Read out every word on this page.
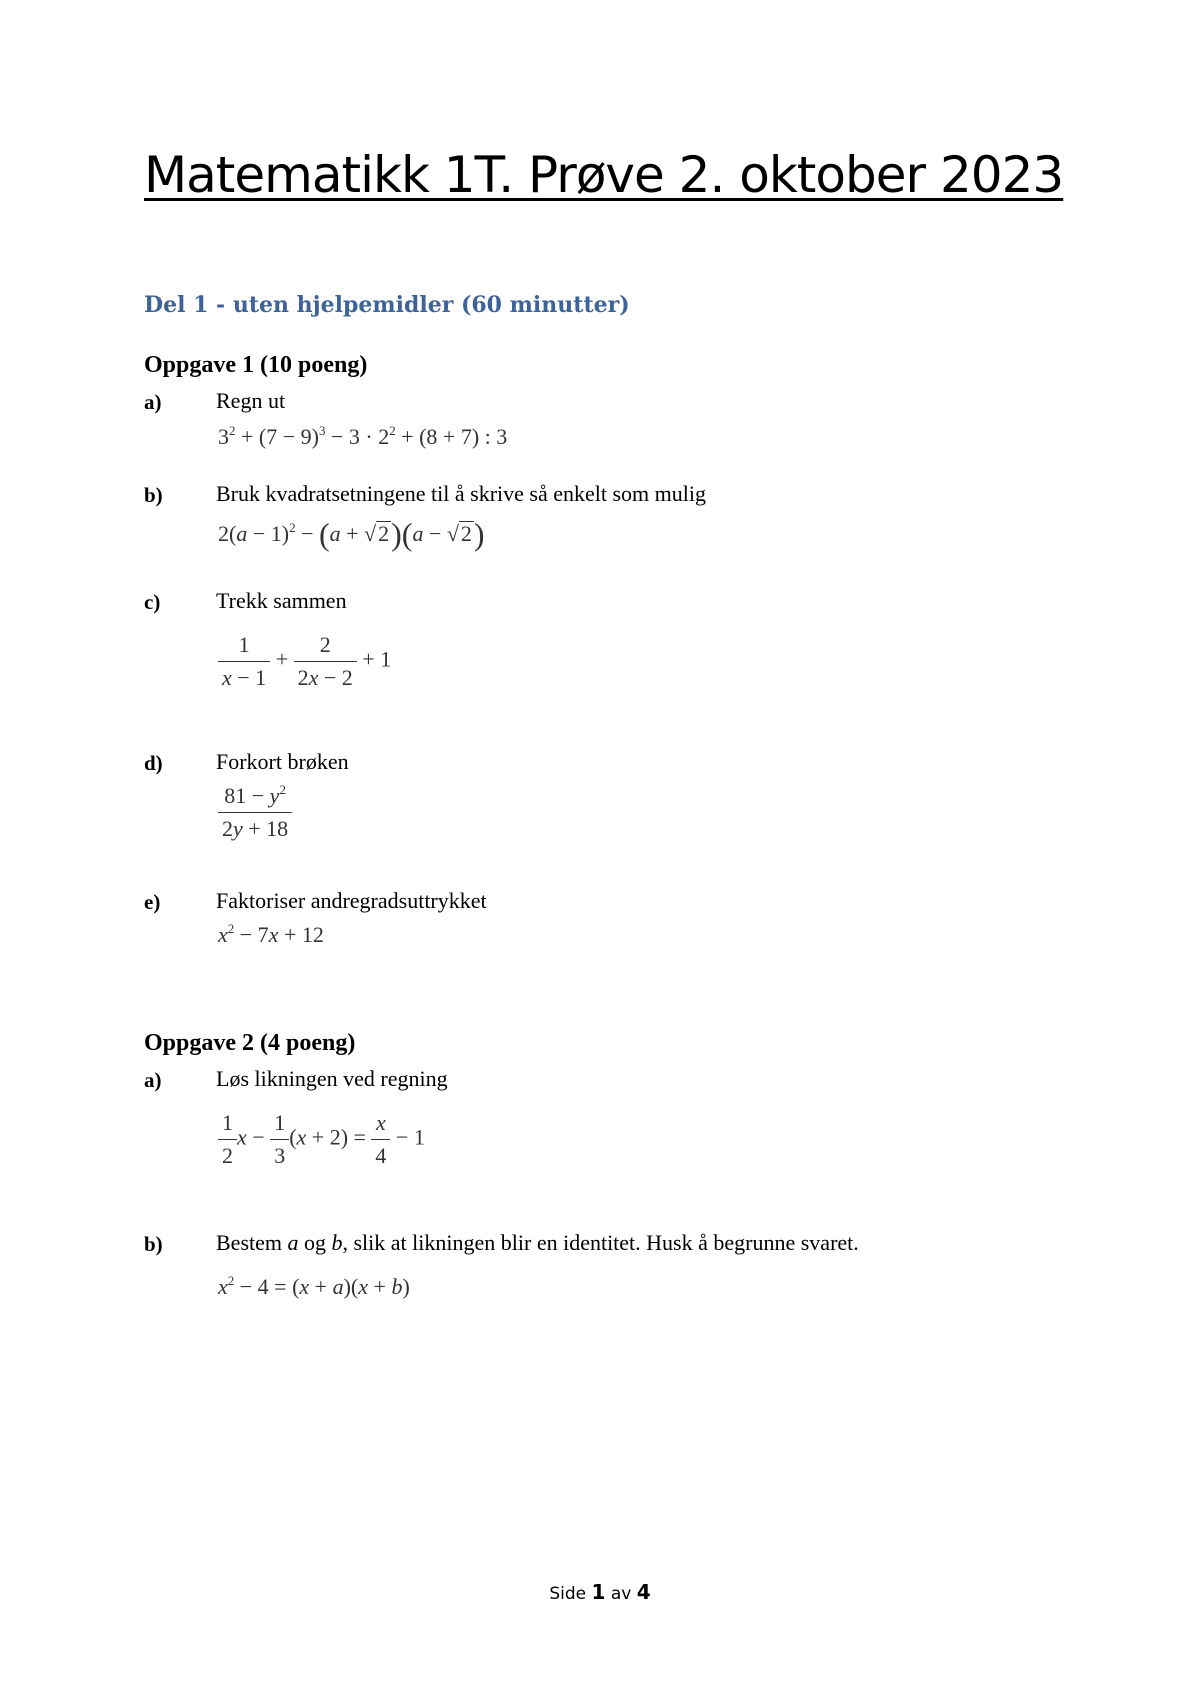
Matematikk 1T. Prøve 2. oktober 2023
Del 1 - uten hjelpemidler (60 minutter)
Oppgave 1 (10 poeng)
a) Regn ut
$3^2 + (7 - 9)^3 - 3 \cdot 2^2 + (8 + 7)$ : 3
b) Bruk kvadratsetningene til å skrive så enkelt som mulig
$2(a - 1)^2 - (a + √2)(a - √2)$
c)	Trekk sammen
$\frac{1}{x - 1} + \frac{2}{2x - 2} + 1$
d) Forkort brøken
$\frac{81 - y^2}{2y + 18}$
e)	Faktoriser andregradsuttrykket
$x^2 - 7x + 12$
Oppgave 2 (4 poeng)
a) Løs likningen ved regning
$\frac{1}{2}$ $x - \frac{1}{3} (x + 2) = \frac{x}{4} - 1$
b) Bestem a og b, slik at likningen blir en identitet. Husk å begrunne svaret.
$x^2 - 4 = (x + a)(x + b)$
Side 1 av 4
